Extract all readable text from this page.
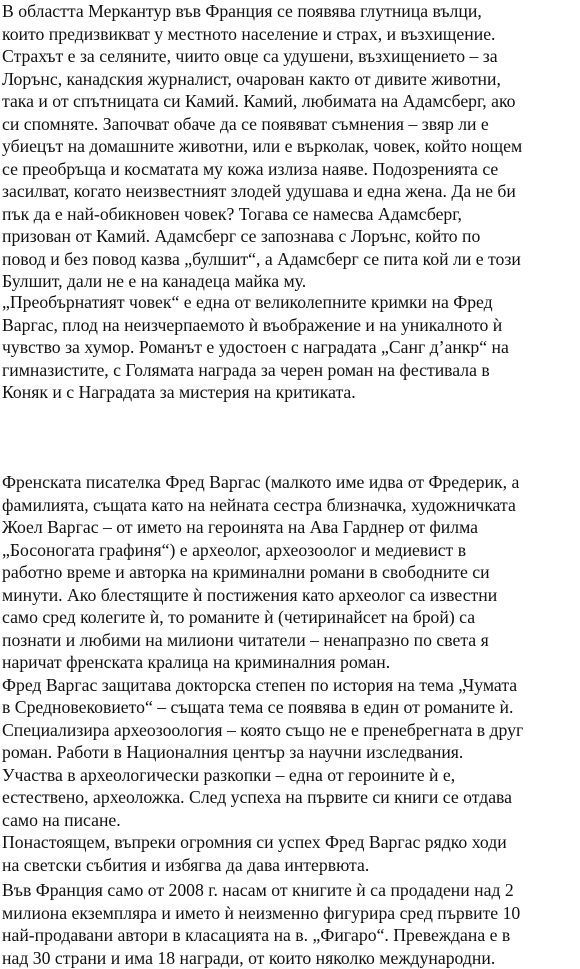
В областта Меркантур във Франция се появява глутница вълци,
които предизвикват у местното население и страх, и възхищение.
Страхът е за селяните, чиито овце са удушени, възхищението – за
Лорънс, канадския журналист, очарован както от дивите животни,
така и от спътницата си Камий. Камий, любимата на Адамсберг, ако
си спомняте. Започват обаче да се появяват съмнения – звяр ли е
убиецът на домашните животни, или е върколак, човек, който нощем
се преобръща и косматата му кожа излиза наяве. Подозренията се
засилват, когато неизвестният злодей удушава и една жена. Да не би
пък да е най-обикновен човек? Тогава се намесва Адамсберг,
призован от Камий. Адамсберг се запознава с Лорънс, който по
повод и без повод казва „булшит“, а Адамсберг се пита кой ли е този
Булшит, дали не е на канадеца майка му.
„Преобърнатият човек“ е една от великолепните кримки на Фред
Варгас, плод на неизчерпаемото ѝ въображение и на уникалното ѝ
чувство за хумор. Романът е удостоен с наградата „Санг д’анкр“ на
гимназистите, с Голямата награда за черен роман на фестивала в
Коняк и с Наградата за мистерия на критиката.
Френската писателка Фред Варгас (малкото име идва от Фредерик, а
фамилията, същата като на нейната сестра близначка, художничката
Жоел Варгас – от името на героинята на Ава Гарднер от филма
„Босоногата графиня“) е археолог, археозоолог и медиевист в
работно време и авторка на криминални романи в свободните си
минути. Ако блестящите ѝ постижения като археолог са известни
само сред колегите ѝ, то романите ѝ (четиринайсет на брой) са
познати и любими на милиони читатели – ненапразно по света я
наричат френската кралица на криминалния роман.
Фред Варгас защитава докторска степен по история на тема „Чумата
в Средновековието“ – същата тема се появява в един от романите ѝ.
Специализира археозоология – която също не е пренебрегната в друг
роман. Работи в Националния център за научни изследвания.
Участва в археологически разкопки – една от героините ѝ е,
естествено, археоложка. След успеха на първите си книги се отдава
само на писане.
Понастоящем, въпреки огромния си успех Фред Варгас рядко ходи
на светски събития и избягва да дава интервюта.
Във Франция само от 2008 г. насам от книгите ѝ са продадени над 2
милиона екземпляра и името ѝ неизменно фигурира сред първите 10
най-продавани автори в класацията на в. „Фигаро“. Превеждана е в
над 30 страни и има 18 награди, от които няколко международни.
